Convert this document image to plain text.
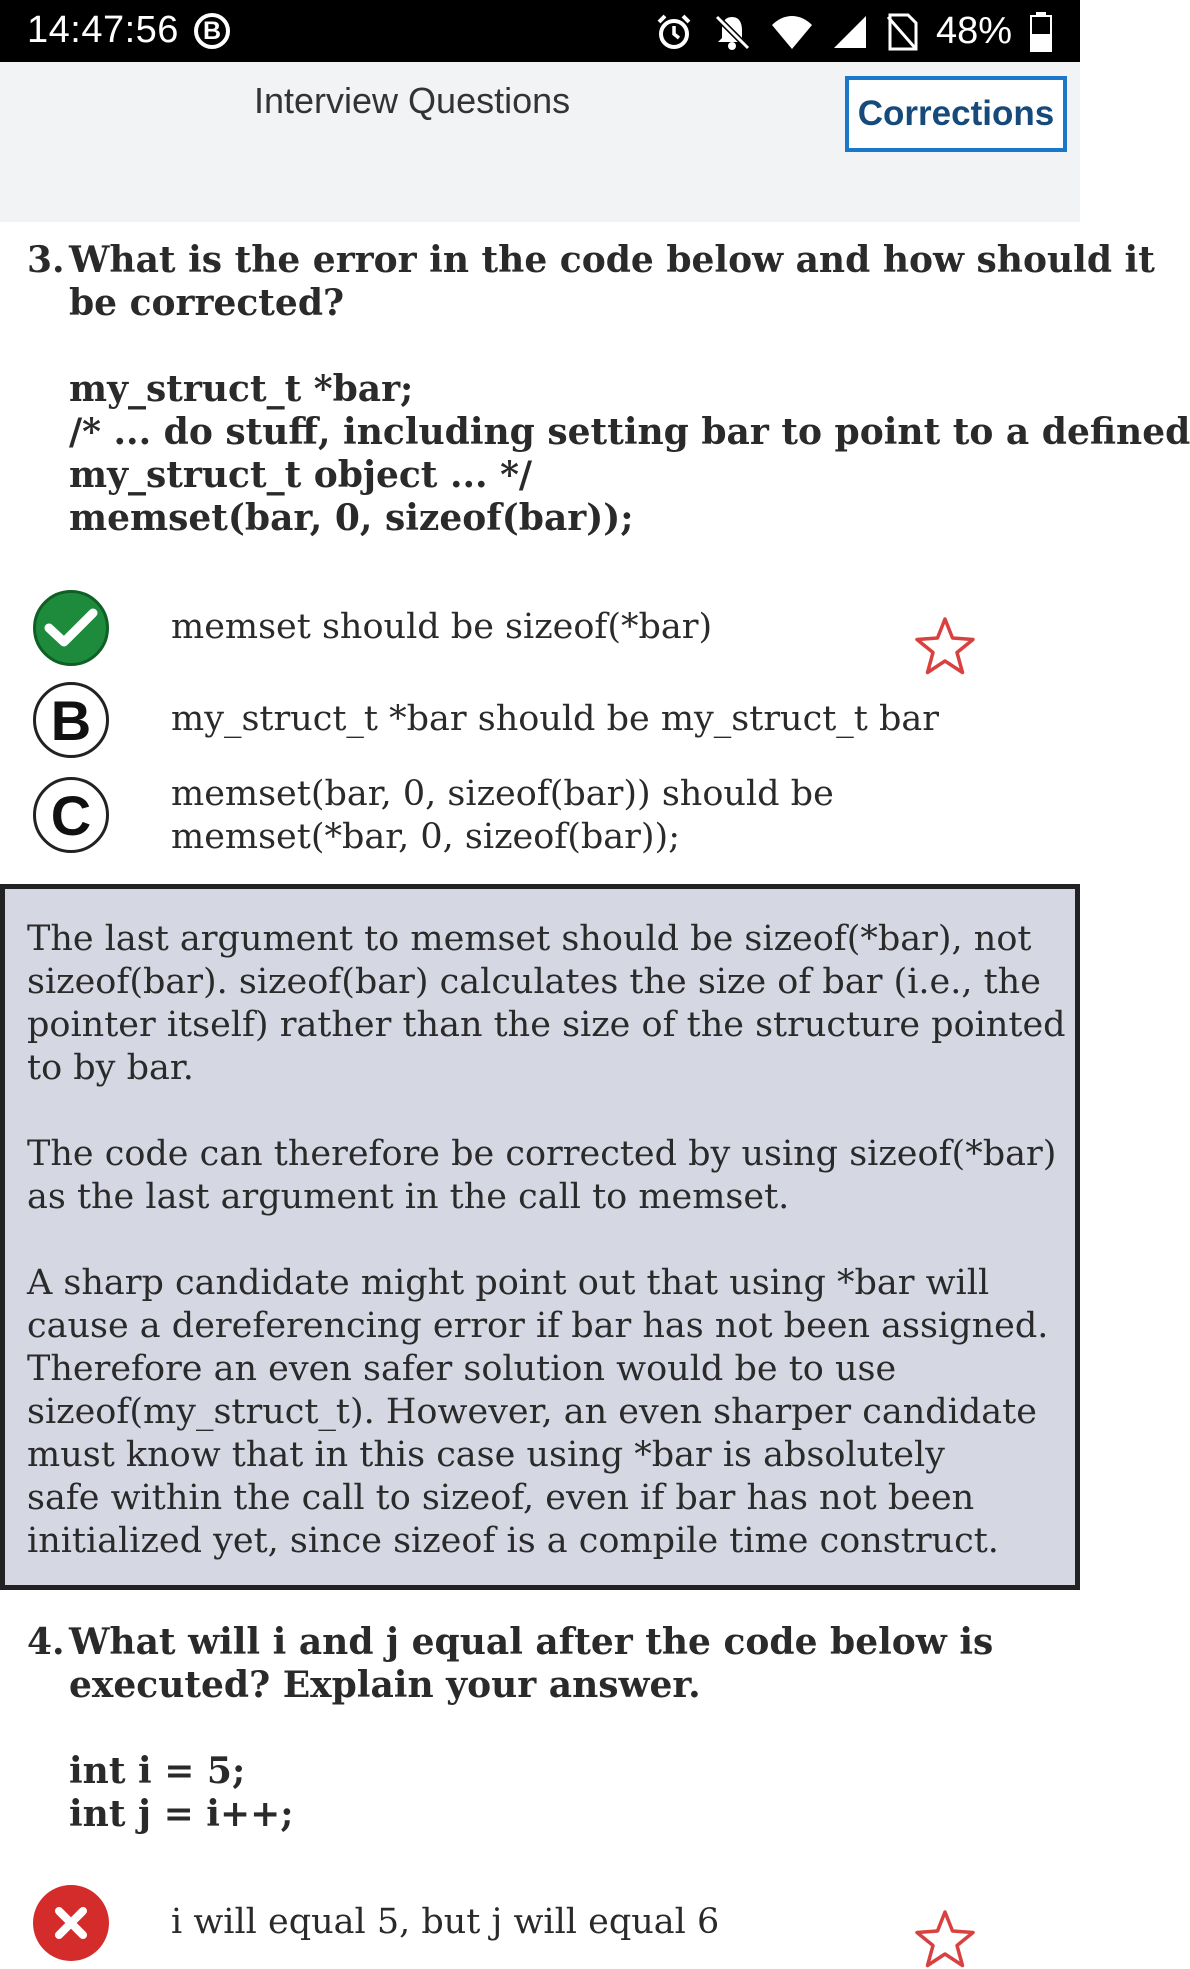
14:47:56 B	48%
Interview Questions	Corrections
3. What is the error in the code below and how should it
be corrected?

my_struct_t *bar;
/* ... do stuff, including setting bar to point to a defined
my_struct_t object ... */
memset(bar, 0, sizeof(bar));
memset should be sizeof(*bar)
B	my_struct_t *bar should be my_struct_t bar
C	memset(bar, 0, sizeof(bar)) should be
memset(*bar, 0, sizeof(bar));

The last argument to memset should be sizeof(*bar), not
sizeof(bar). sizeof(bar) calculates the size of bar (i.e., the
pointer itself) rather than the size of the structure pointed
to by bar.

The code can therefore be corrected by using sizeof(*bar)
as the last argument in the call to memset.

A sharp candidate might point out that using *bar will
cause a dereferencing error if bar has not been assigned.
Therefore an even safer solution would be to use
sizeof(my_struct_t). However, an even sharper candidate
must know that in this case using *bar is absolutely
safe within the call to sizeof, even if bar has not been
initialized yet, since sizeof is a compile time construct.

4. What will i and j equal after the code below is
executed? Explain your answer.

int i = 5;
int j = i++;
i will equal 5, but j will equal 6
